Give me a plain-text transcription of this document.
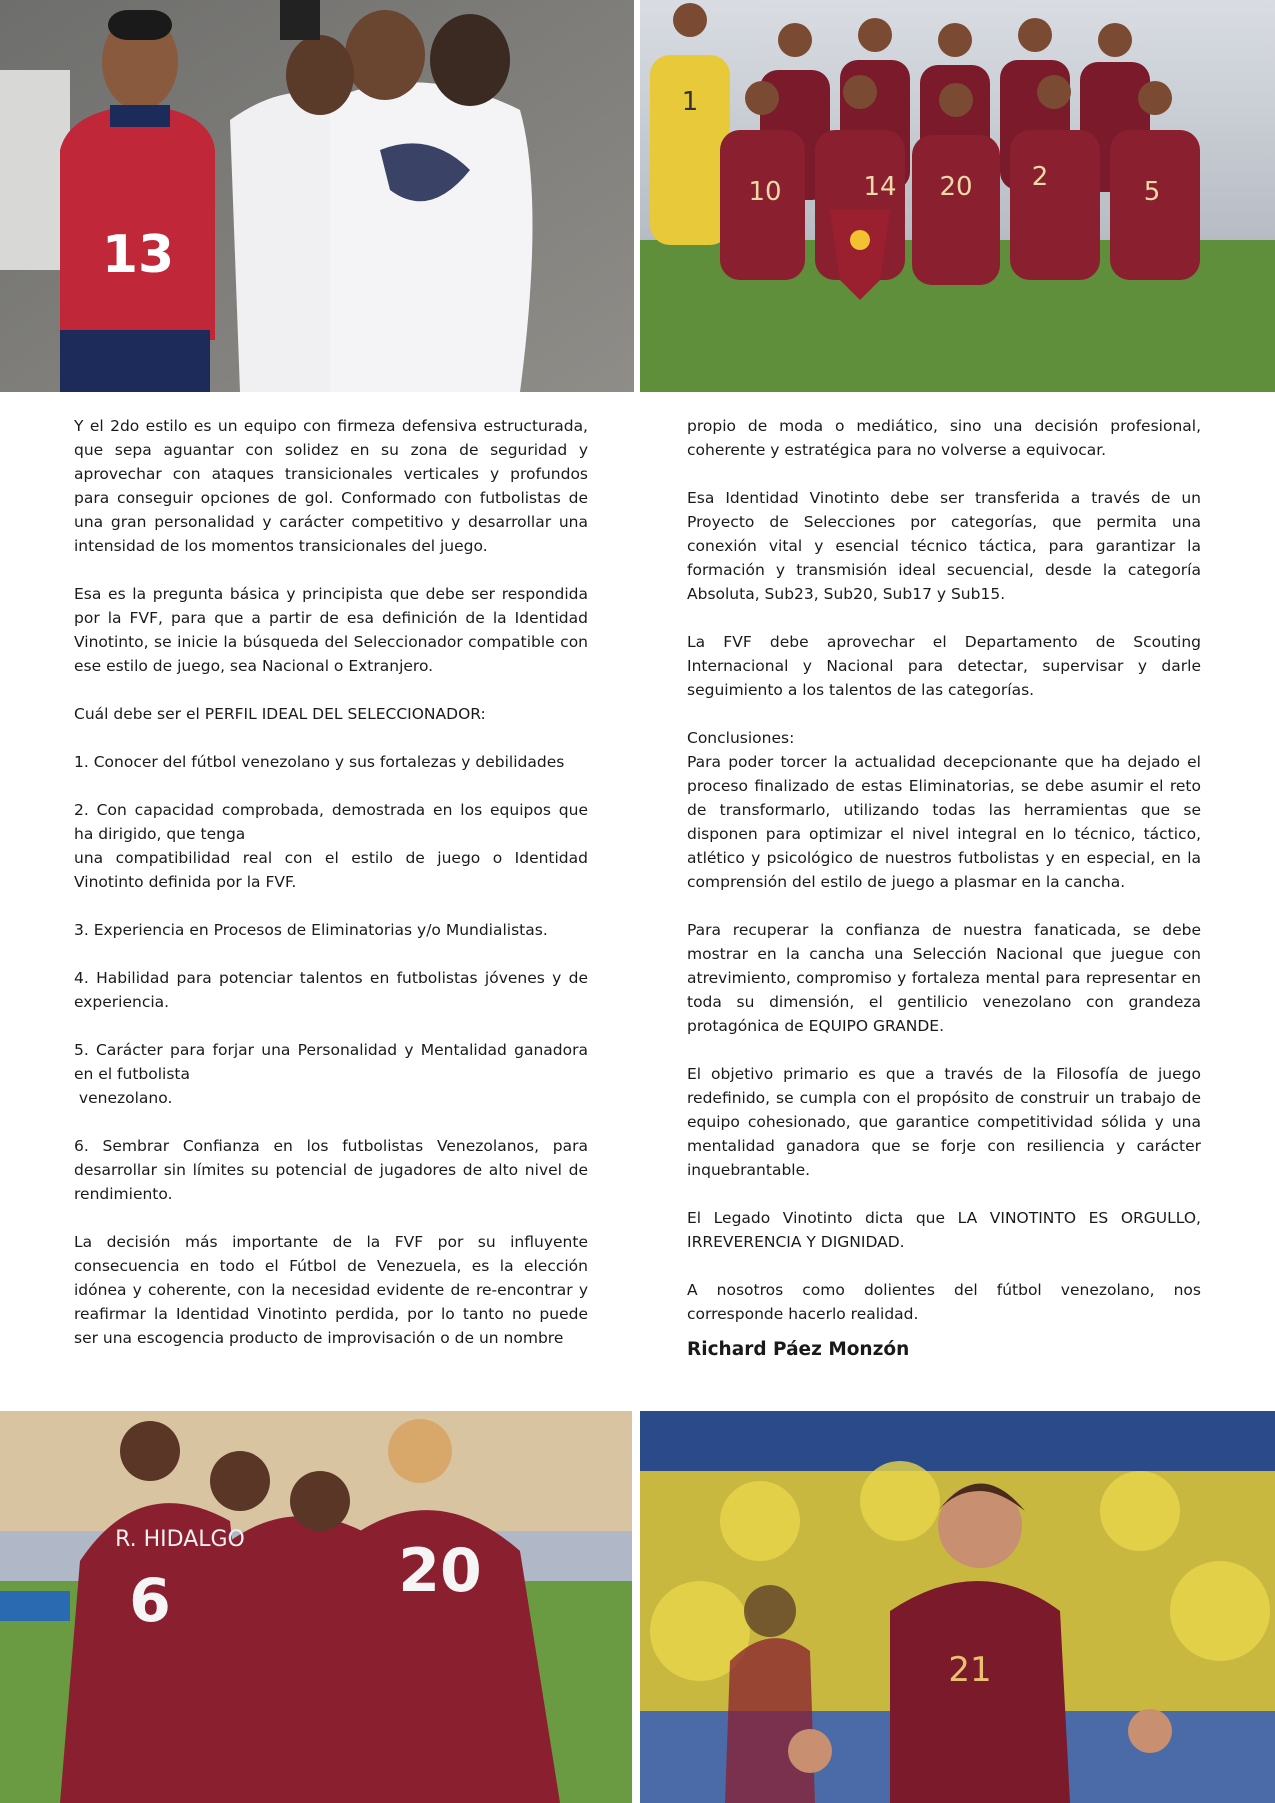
13
1
10	14 20 2	5

Y el 2do estilo es un equipo con firmeza defensiva estructurada, que sepa aguantar con solidez en su zona de seguridad y aprovechar con ataques transicionales verticales y profundos para conseguir opciones de gol. Conformado con futbolistas de una gran personalidad y carácter competitivo y desarrollar una intensidad de los momentos transicionales del juego.

Esa es la pregunta básica y principista que debe ser respondida por la FVF, para que a partir de esa definición de la Identidad Vinotinto, se inicie la búsqueda del Seleccionador compatible con ese estilo de juego, sea Nacional o Extranjero.

Cuál debe ser el PERFIL IDEAL DEL SELECCIONADOR:

1. Conocer del fútbol venezolano y sus fortalezas y debilidades

2. Con capacidad comprobada, demostrada en los equipos que ha dirigido, que tenga

una compatibilidad real con el estilo de juego o Identidad Vinotinto definida por la FVF.

3. Experiencia en Procesos de Eliminatorias y/o Mundialistas.

4. Habilidad para potenciar talentos en futbolistas jóvenes y de experiencia.

5. Carácter para forjar una Personalidad y Mentalidad ganadora en el futbolista

venezolano.

6. Sembrar Confianza en los futbolistas Venezolanos, para desarrollar sin límites su potencial de jugadores de alto nivel de rendimiento.

La decisión más importante de la FVF por su influyente consecuencia en todo el Fútbol de Venezuela, es la elección idónea y coherente, con la necesidad evidente de re-encontrar y reafirmar la Identidad Vinotinto perdida, por lo tanto no puede ser una escogencia producto de improvisación o de un nombre

propio de moda o mediático, sino una decisión profesional, coherente y estratégica para no volverse a equivocar.

Esa Identidad Vinotinto debe ser transferida a través de un Proyecto de Selecciones por categorías, que permita una conexión vital y esencial técnico táctica, para garantizar la formación y transmisión ideal secuencial, desde la categoría Absoluta, Sub23, Sub20, Sub17 y Sub15.

La FVF debe aprovechar el Departamento de Scouting Internacional y Nacional para detectar, supervisar y darle seguimiento a los talentos de las categorías.

Conclusiones:

Para poder torcer la actualidad decepcionante que ha dejado el proceso finalizado de estas Eliminatorias, se debe asumir el reto de transformarlo, utilizando todas las herramientas que se disponen para optimizar el nivel integral en lo técnico, táctico, atlético y psicológico de nuestros futbolistas y en especial, en la comprensión del estilo de juego a plasmar en la cancha.

Para recuperar la confianza de nuestra fanaticada, se debe mostrar en la cancha una Selección Nacional que juegue con atrevimiento, compromiso y fortaleza mental para representar en toda su dimensión, el gentilicio venezolano con grandeza protagónica de EQUIPO GRANDE.

El objetivo primario es que a través de la Filosofía de juego redefinido, se cumpla con el propósito de construir un trabajo de equipo cohesionado, que garantice competitividad sólida y una mentalidad ganadora que se forje con resiliencia y carácter inquebrantable.

El Legado Vinotinto dicta que LA VINOTINTO ES ORGULLO, IRREVERENCIA Y DIGNIDAD.

A nosotros como dolientes del fútbol venezolano, nos corresponde hacerlo realidad.

Richard Páez Monzón
R. HIDALGO
6	20
21
